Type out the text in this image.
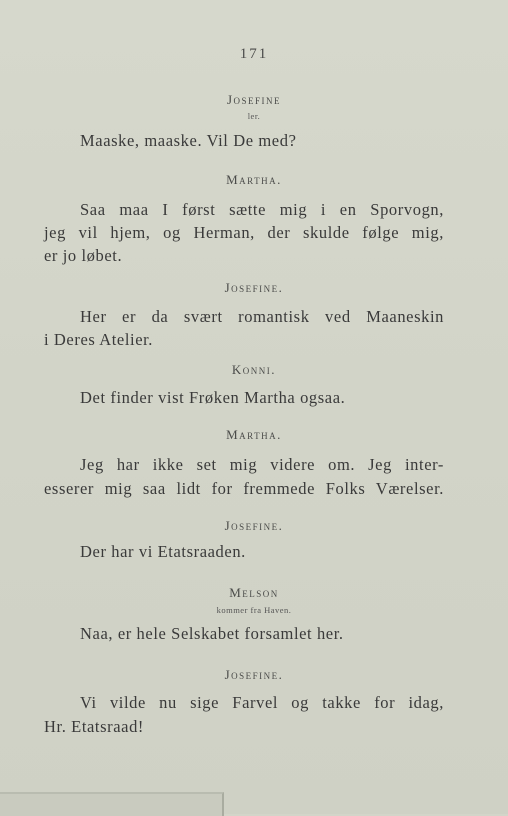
171
Josefine
ler.
Maaske, maaske. Vil De med?
Martha.
Saa maa I først sætte mig i en Sporvogn,
jeg vil hjem, og Herman, der skulde følge mig,
er jo løbet.
Josefine.
Her er da svært romantisk ved Maaneskin
i Deres Atelier.
Konni.
Det finder vist Frøken Martha ogsaa.
Martha.
Jeg har ikke set mig videre om. Jeg inter-
esserer mig saa lidt for fremmede Folks Værelser.
Josefine.
Der har vi Etatsraaden.
Melson
kommer fra Haven.
Naa, er hele Selskabet forsamlet her.
Josefine.
Vi vilde nu sige Farvel og takke for idag,
Hr. Etatsraad!
